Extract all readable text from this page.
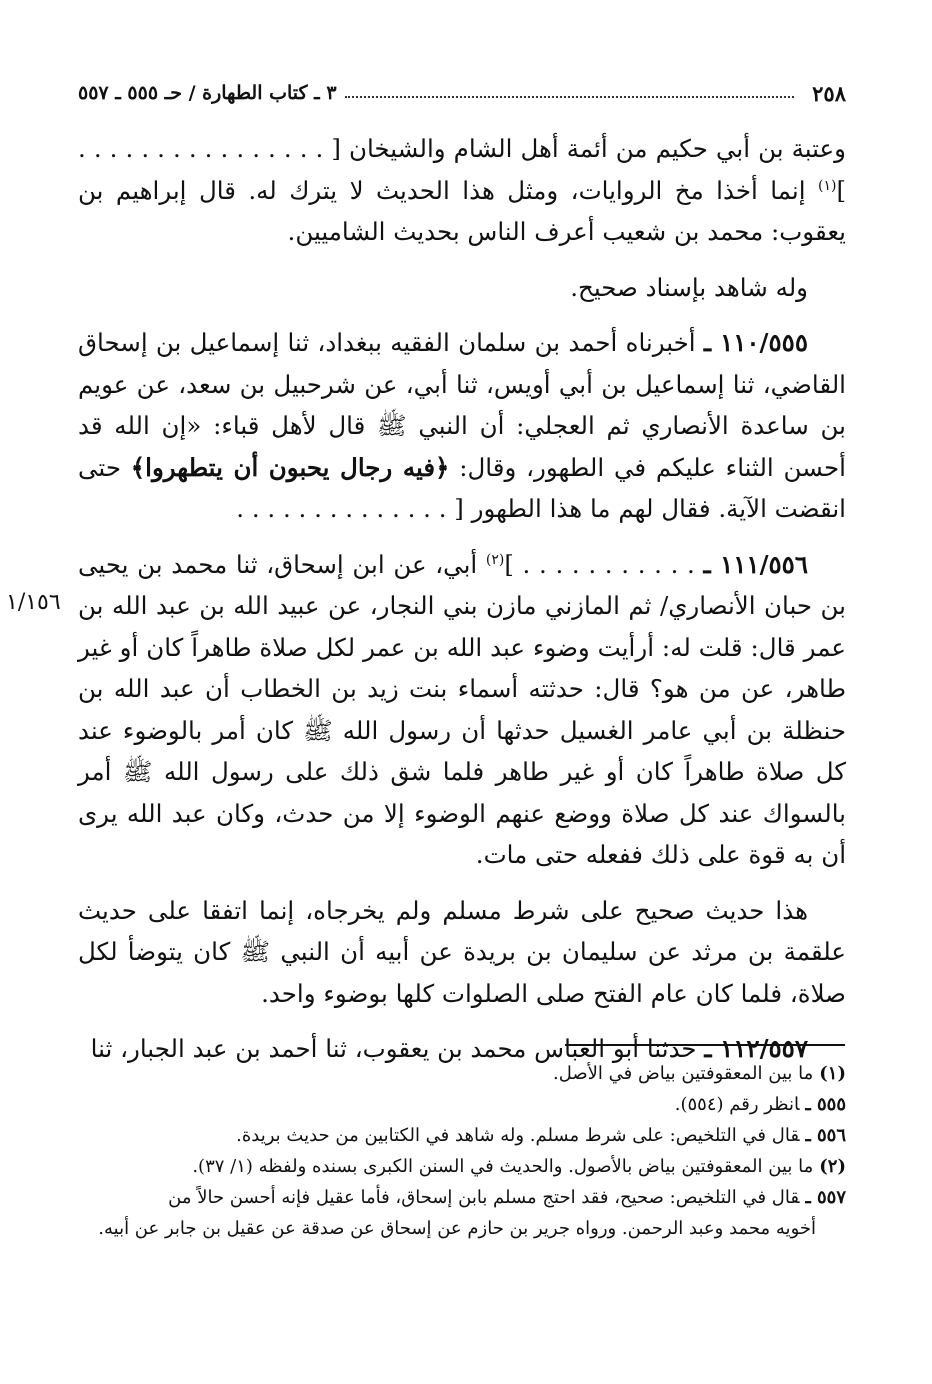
٢٥٨
٣ ـ كتاب الطهارة / حـ ٥٥٥ ـ ٥٥٧
١/١٥٦

وعتبة بن أبي حكيم من أئمة أهل الشام والشيخان [ . . . . . . . . . . . . . . . . ]$^{(١)}$ إنما أخذا مخ الروايات، ومثل هذا الحديث لا يترك له. قال إبراهيم بن يعقوب: محمد بن شعيب أعرف الناس بحديث الشاميين.

وله شاهد بإسناد صحيح.

١١٠/٥٥٥ ـ أخبرناه أحمد بن سلمان الفقيه ببغداد، ثنا إسماعيل بن إسحاق القاضي، ثنا إسماعيل بن أبي أويس، ثنا أبي، عن شرحبيل بن سعد، عن عويم بن ساعدة الأنصاري ثم العجلي: أن النبي ﷺ قال لأهل قباء: «إن الله قد أحسن الثناء عليكم في الطهور، وقال: ﴿فيه رجال يحبون أن يتطهروا﴾ حتى انقضت الآية. فقال لهم ما هذا الطهور [ . . . . . . . . . . . . . .

١١١/٥٥٦ ـ . . . . . . . . . . . ]$^{(٢)}$ أبي، عن ابن إسحاق، ثنا محمد بن يحيى بن حبان الأنصاري/ ثم المازني مازن بني النجار، عن عبيد الله بن عبد الله بن عمر قال: قلت له: أرأيت وضوء عبد الله بن عمر لكل صلاة طاهراً كان أو غير طاهر، عن من هو؟ قال: حدثته أسماء بنت زيد بن الخطاب أن عبد الله بن حنظلة بن أبي عامر الغسيل حدثها أن رسول الله ﷺ كان أمر بالوضوء عند كل صلاة طاهراً كان أو غير طاهر فلما شق ذلك على رسول الله ﷺ أمر بالسواك عند كل صلاة ووضع عنهم الوضوء إلا من حدث، وكان عبد الله يرى أن به قوة على ذلك ففعله حتى مات.

هذا حديث صحيح على شرط مسلم ولم يخرجاه، إنما اتفقا على حديث علقمة بن مرثد عن سليمان بن بريدة عن أبيه أن النبي ﷺ كان يتوضأ لكل صلاة، فلما كان عام الفتح صلى الصلوات كلها بوضوء واحد.

١١٢/٥٥٧ ـ حدثنا أبو العباس محمد بن يعقوب، ثنا أحمد بن عبد الجبار، ثنا

(١)ما بين المعقوفتين بياض في الأصل.

٥٥٥ ـانظر رقم (٥٥٤).

٥٥٦ ـقال في التلخيص: على شرط مسلم. وله شاهد في الكتابين من حديث بريدة.

(٢)ما بين المعقوفتين بياض بالأصول. والحديث في السنن الكبرى بسنده ولفظه (١/ ٣٧).

٥٥٧ ـقال في التلخيص: صحيح، فقد احتج مسلم بابن إسحاق، فأما عقيل فإنه أحسن حالاً من

أخويه محمد وعبد الرحمن. ورواه جرير بن حازم عن إسحاق عن صدقة عن عقيل بن جابر عن أبيه.
